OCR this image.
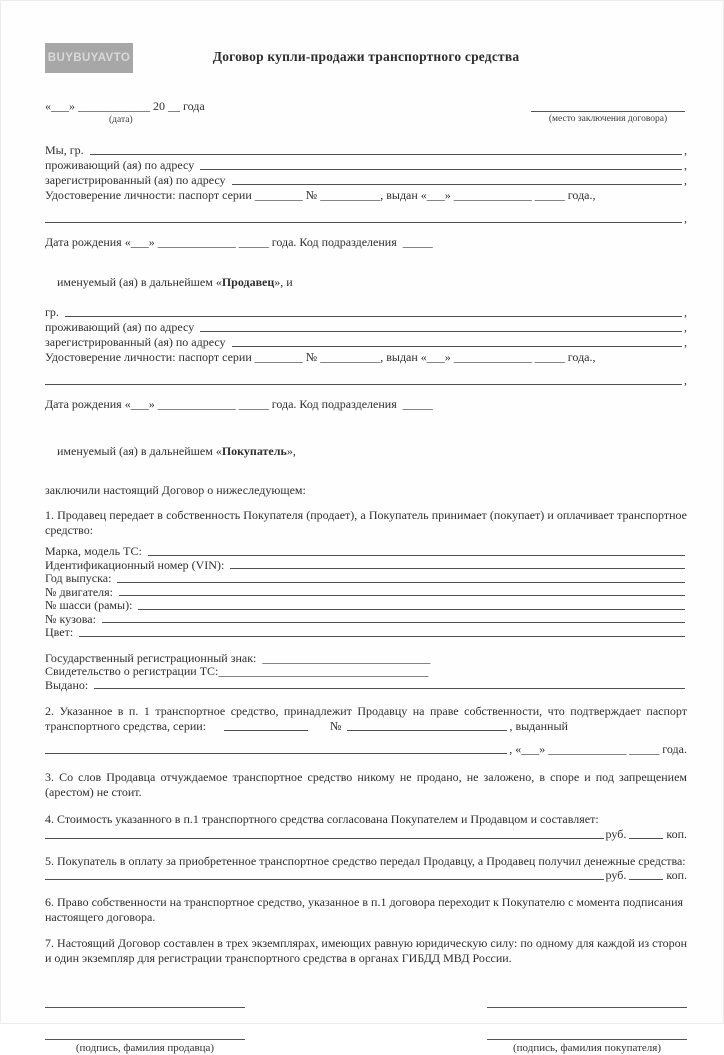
BUYBUYAVTO	Договор купли-продажи транспортного средства
«___» ____________ 20 __ года
(дата)	(место заключения договора)
Мы, гр.	,
проживающий (ая) по адресу	,
зарегистрированный (ая) по адресу	,
Удостоверение личности: паспорт серии ________ № __________, выдан «___» _____________ _____ года.,
,
Дата рождения «___» _____________ _____ года. Код подразделения  _____

именуемый (ая) в дальнейшем «Продавец», и

гр.	,
проживающий (ая) по адресу	,
зарегистрированный (ая) по адресу	,
Удостоверение личности: паспорт серии ________ № __________, выдан «___» _____________ _____ года.,
,
Дата рождения «___» _____________ _____ года. Код подразделения  _____

именуемый (ая) в дальнейшем «Покупатель»,

заключили настоящий Договор о нижеследующем:
1. Продавец передает в собственность Покупателя (продает), а Покупатель принимает (покупает) и оплачивает транспортное средство:
Марка, модель ТС:
Идентификационный номер (VIN):
Год выпуска:
№ двигателя:
№ шасси (рамы):
№ кузова:
Цвет:
Государственный регистрационный знак:  ____________________________
Свидетельство о регистрации ТС:___________________________________
Выдано:
2. Указанное в п. 1 транспортное средство, принадлежит Продавцу на праве собственности, что подтверждает паспорт
транспортного средства, серии:	№	, выданный
, «___» _____________ _____ года.
3. Со слов Продавца отчуждаемое транспортное средство никому не продано, не заложено, в споре и под запрещением (арестом) не стоит.
4. Стоимость указанного в п.1 транспортного средства согласована Покупателем и Продавцом и составляет:
руб.	коп.
5. Покупатель в оплату за приобретенное транспортное средство передал Продавцу, а Продавец получил денежные средства:
руб.	коп.
6. Право собственности на транспортное средство, указанное в п.1 договора переходит к Покупателю с момента подписания настоящего договора.
7. Настоящий Договор составлен в трех экземплярах, имеющих равную юридическую силу: по одному для каждой из сторон и один экземпляр для регистрации транспортного средства в органах ГИБДД МВД России.
(подпись, фамилия продавца)	(подпись, фамилия покупателя)
